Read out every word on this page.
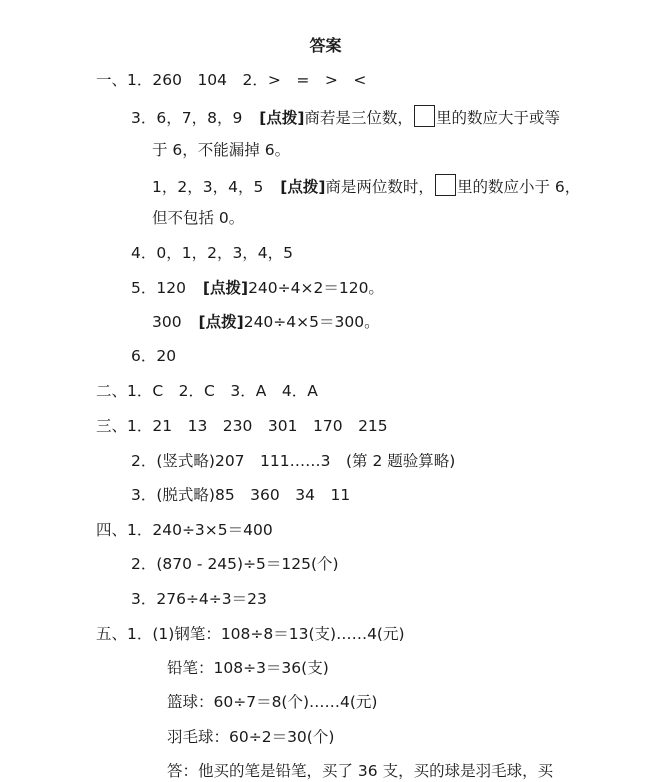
答案
一、1．260　104　2．>　=　>　<
3．6，7，8，9 [点拨]商若是三位数， 里的数应大于或等
于 6，不能漏掉 6。
1，2，3，4，5 [点拨]商是两位数时， 里的数应小于 6，
但不包括 0。
4．0，1，2，3，4，5
5．120 [点拨]240÷4×2＝120。
300 [点拨]240÷4×5＝300。
6．20
二、1．C　2．C　3．A　4．A
三、1．21　13　230　301　170　215
2．(竖式略)207　111……3　(第 2 题验算略)
3．(脱式略)85　360　34　11
四、1．240÷3×5＝400
2．(870 - 245)÷5＝125(个)
3．276÷4÷3＝23
五、1．(1)钢笔：108÷8＝13(支)……4(元)
铅笔：108÷3＝36(支)
篮球：60÷7＝8(个)……4(元)
羽毛球：60÷2＝30(个)
答：他买的笔是铅笔，买了 36 支，买的球是羽毛球，买
